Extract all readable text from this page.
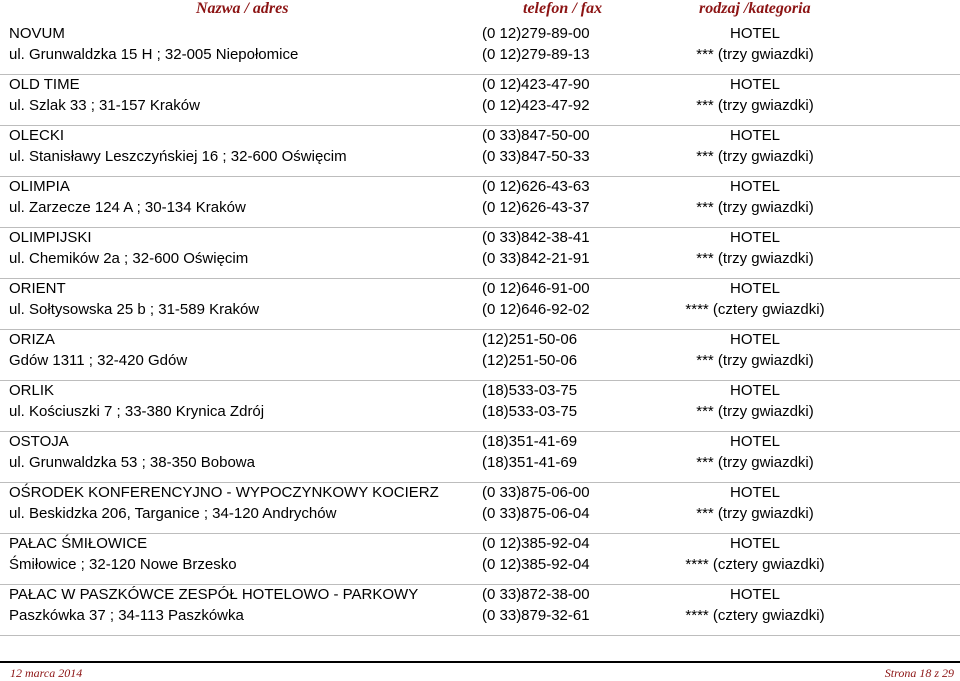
Nazwa / adres	telefon / fax	rodzaj /kategoria
NOVUM	(0 12)279-89-00	HOTEL
ul. Grunwaldzka 15 H ; 32-005 Niepołomice	(0 12)279-89-13	*** (trzy gwiazdki)
OLD TIME	(0 12)423-47-90	HOTEL
ul. Szlak 33 ; 31-157 Kraków	(0 12)423-47-92	*** (trzy gwiazdki)
OLECKI	(0 33)847-50-00	HOTEL
ul. Stanisławy Leszczyńskiej 16 ; 32-600 Oświęcim	(0 33)847-50-33	*** (trzy gwiazdki)
OLIMPIA	(0 12)626-43-63	HOTEL
ul. Zarzecze 124 A ; 30-134 Kraków	(0 12)626-43-37	*** (trzy gwiazdki)
OLIMPIJSKI	(0 33)842-38-41	HOTEL
ul. Chemików 2a ; 32-600 Oświęcim	(0 33)842-21-91	*** (trzy gwiazdki)
ORIENT	(0 12)646-91-00	HOTEL
ul. Sołtysowska 25 b ; 31-589 Kraków	(0 12)646-92-02	**** (cztery gwiazdki)
ORIZA	(12)251-50-06	HOTEL
Gdów 1311 ; 32-420 Gdów	(12)251-50-06	*** (trzy gwiazdki)
ORLIK	(18)533-03-75	HOTEL
ul. Kościuszki 7 ; 33-380 Krynica Zdrój	(18)533-03-75	*** (trzy gwiazdki)
OSTOJA	(18)351-41-69	HOTEL
ul. Grunwaldzka 53 ; 38-350 Bobowa	(18)351-41-69	*** (trzy gwiazdki)
OŚRODEK KONFERENCYJNO - WYPOCZYNKOWY KOCIERZ	(0 33)875-06-00	HOTEL
ul. Beskidzka 206, Targanice ; 34-120 Andrychów	(0 33)875-06-04	*** (trzy gwiazdki)
PAŁAC ŚMIŁOWICE	(0 12)385-92-04	HOTEL
Śmiłowice ; 32-120 Nowe Brzesko	(0 12)385-92-04	**** (cztery gwiazdki)
PAŁAC W PASZKÓWCE ZESPÓŁ HOTELOWO - PARKOWY	(0 33)872-38-00	HOTEL
Paszkówka 37 ; 34-113 Paszkówka	(0 33)879-32-61	**** (cztery gwiazdki)
12 marca 2014	Strona 18 z 29
